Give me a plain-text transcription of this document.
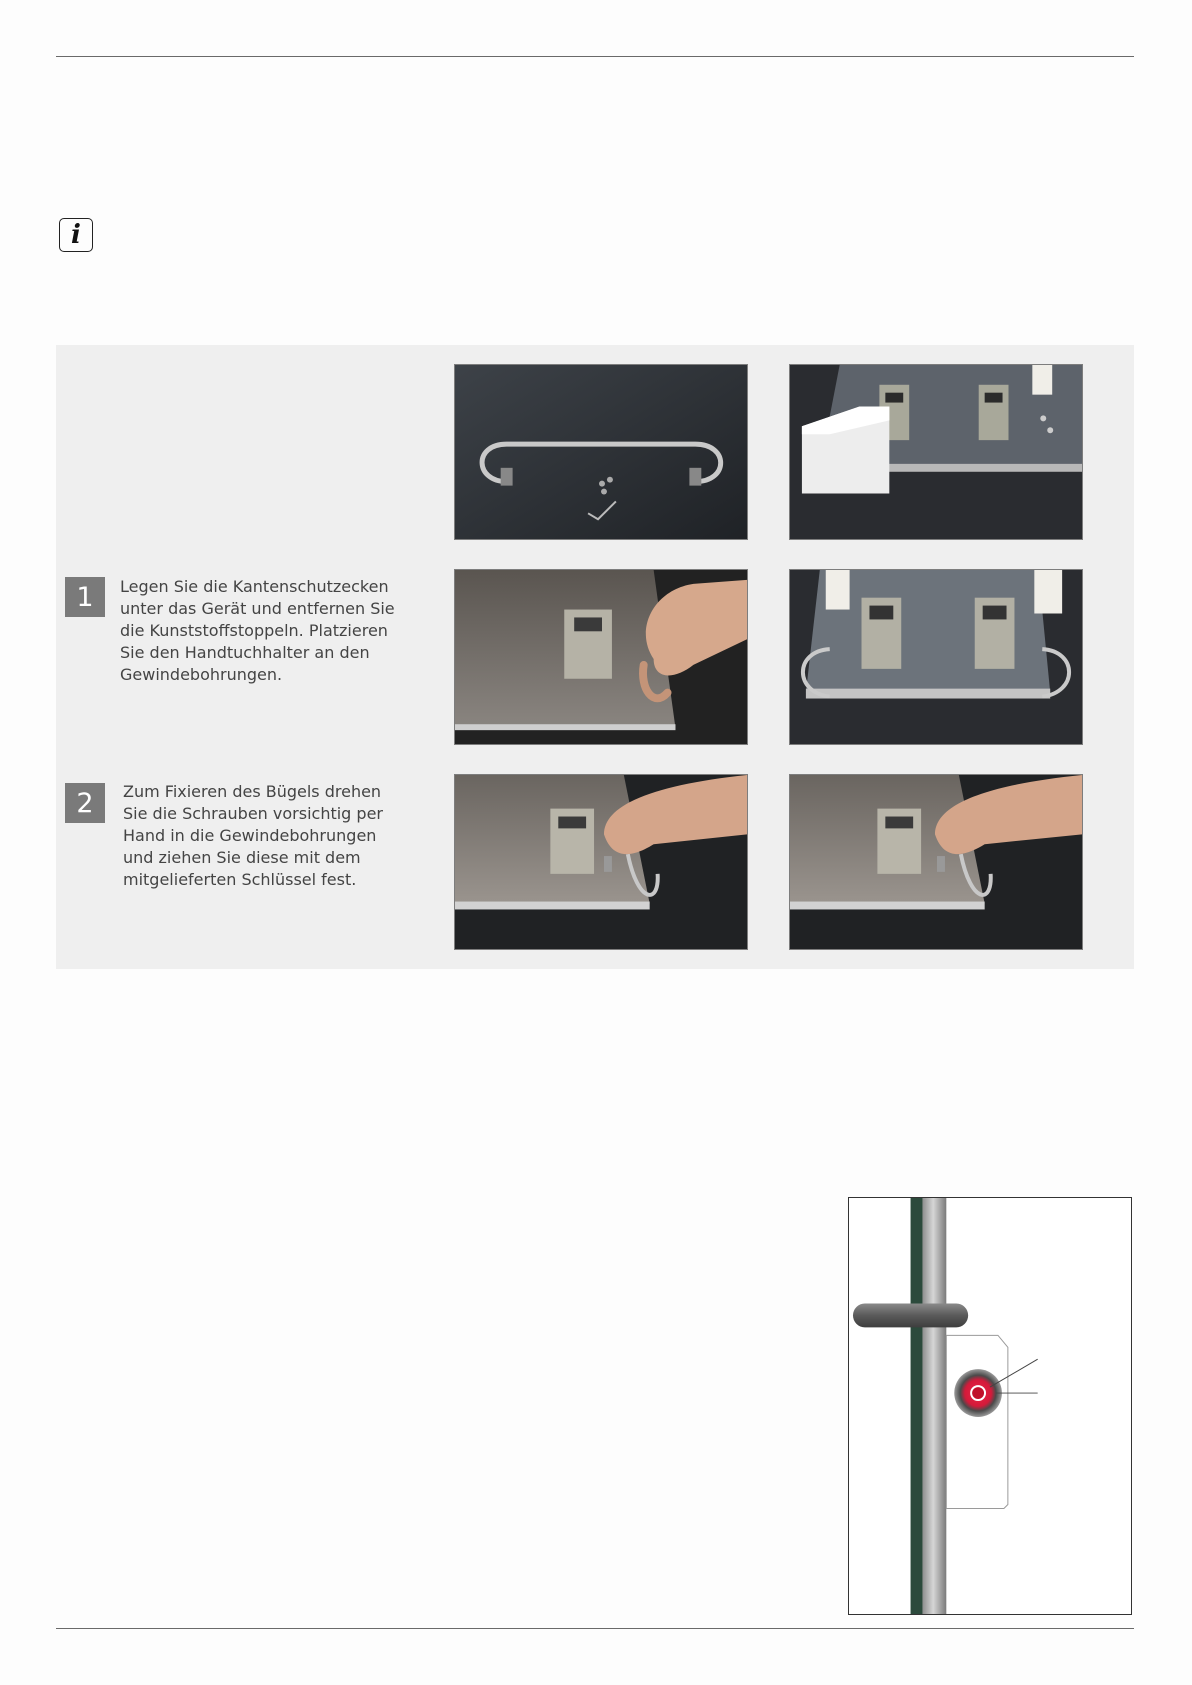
i
1	Legen Sie die Kantenschutzecken
unter das Gerät und entfernen Sie
die Kunststoffstoppeln. Platzieren
Sie den Handtuchhalter an den
Gewindebohrungen.
2	Zum Fixieren des Bügels drehen
Sie die Schrauben vorsichtig per
Hand in die Gewindebohrungen
und ziehen Sie diese mit dem
mitgelieferten Schlüssel fest.
